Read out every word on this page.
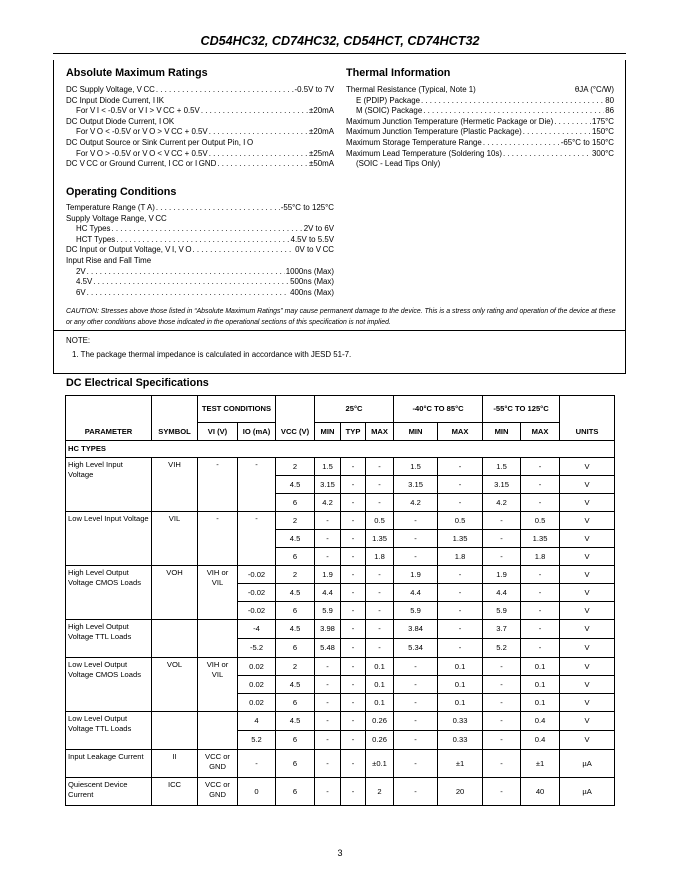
CD54HC32, CD74HC32, CD54HCT, CD74HCT32
Absolute Maximum Ratings
DC Supply Voltage, V CC . . .	-0.5V to 7V
DC Input Diode Current, I IK
For V I < -0.5V or V I > V CC + 0.5V . . .	±20mA
DC Output Diode Current, I OK
For V O < -0.5V or V O > V CC + 0.5V . . .	±20mA
DC Output Source or Sink Current per Output Pin, I O
For V O > -0.5V or V O < V CC + 0.5V . . .	±25mA
DC V CC or Ground Current, I CC or I GND . . .	±50mA
Thermal Information
Thermal Resistance (Typical, Note 1)	θJA (°C/W)
E (PDIP) Package . . .	80
M (SOIC) Package . . .	86
Maximum Junction Temperature (Hermetic Package or Die) . . .	175°C
Maximum Junction Temperature (Plastic Package) . . .	150°C
Maximum Storage Temperature Range . . .	-65°C to 150°C
Maximum Lead Temperature (Soldering 10s) . . .	300°C
(SOIC - Lead Tips Only)
Operating Conditions
Temperature Range (T A) . . .	-55°C to 125°C
Supply Voltage Range, V CC
HC Types . . .	2V to 6V
HCT Types . . .	4.5V to 5.5V
DC Input or Output Voltage, V I, V O . . .	0V to V CC
Input Rise and Fall Time
2V . . .	1000ns (Max)
4.5V . . .	500ns (Max)
6V . . .	400ns (Max)
CAUTION: Stresses above those listed in “Absolute Maximum Ratings” may cause permanent damage to the device. This is a stress only rating and operation of the device at these or any other conditions above those indicated in the operational sections of this specification is not implied.
NOTE:
1. The package thermal impedance is calculated in accordance with JESD 51-7.
DC Electrical Specifications
		TEST CONDITIONS			25°C			-40°C TO 85°C		-55°C TO 125°C		
PARAMETER	SYMBOL	VI (V)	IO (mA)	VCC (V)	MIN	TYP	MAX	MIN	MAX	MIN	MAX	UNITS
HC TYPES												
High Level Input Voltage	VIH	-	-	2	1.5	-	-	1.5	-	1.5	-	V
				4.5	3.15	-	-	3.15	-	3.15	-	V
				6	4.2	-	-	4.2	-	4.2	-	V
Low Level Input Voltage	VIL	-	-	2	-	-	0.5	-	0.5	-	0.5	V
				4.5	-	-	1.35	-	1.35	-	1.35	V
				6	-	-	1.8	-	1.8	-	1.8	V
High Level Output Voltage CMOS Loads	VOH	VIH or VIL	-0.02	2	1.9	-	-	1.9	-	1.9	-	V
			-0.02	4.5	4.4	-	-	4.4	-	4.4	-	V
			-0.02	6	5.9	-	-	5.9	-	5.9	-	V
High Level Output Voltage TTL Loads			-4	4.5	3.98	-	-	3.84	-	3.7	-	V
			-5.2	6	5.48	-	-	5.34	-	5.2	-	V
Low Level Output Voltage CMOS Loads	VOL	VIH or VIL	0.02	2	-	-	0.1	-	0.1	-	0.1	V
			0.02	4.5	-	-	0.1	-	0.1	-	0.1	V
			0.02	6	-	-	0.1	-	0.1	-	0.1	V
Low Level Output Voltage TTL Loads			4	4.5	-	-	0.26	-	0.33	-	0.4	V
			5.2	6	-	-	0.26	-	0.33	-	0.4	V
Input Leakage Current	II	VCC or GND	-	6	-	-	±0.1	-	±1	-	±1	µA
Quiescent Device Current	ICC	VCC or GND	0	6	-	-	2	-	20	-	40	µA
3
